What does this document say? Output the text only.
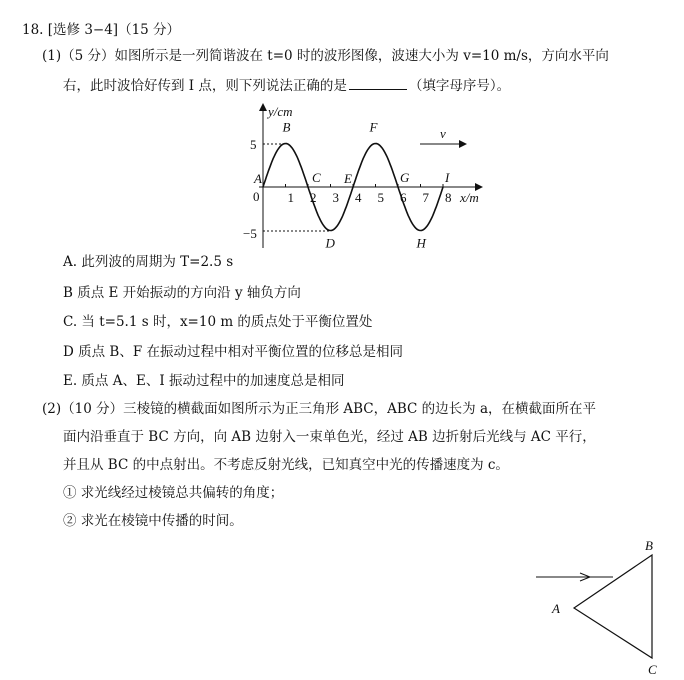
18. [选修 3−4]（15 分）
(1)（5 分）如图所示是一列简谐波在 t=0 时的波形图像，波速大小为 v=10 m/s，方向水平向
右，此时波恰好传到 I 点，则下列说法正确的是	（填字母序号）。
y/cm
x/m
0
5
−5
1 2 3 4 5 6 7 8
A
B
C
D
E
F
G
H
I
v
A. 此列波的周期为 T=2.5 s
B 质点 E 开始振动的方向沿 y 轴负方向
C. 当 t=5.1 s 时，x=10 m 的质点处于平衡位置处
D 质点 B、F 在振动过程中相对平衡位置的位移总是相同
E. 质点 A、E、I 振动过程中的加速度总是相同
(2)（10 分）三棱镜的横截面如图所示为正三角形 ABC，ABC 的边长为 a，在横截面所在平
面内沿垂直于 BC 方向，向 AB 边射入一束单色光，经过 AB 边折射后光线与 AC 平行，
并且从 BC 的中点射出。不考虑反射光线，已知真空中光的传播速度为 c。
① 求光线经过棱镜总共偏转的角度；
② 求光在棱镜中传播的时间。
A
B
C
